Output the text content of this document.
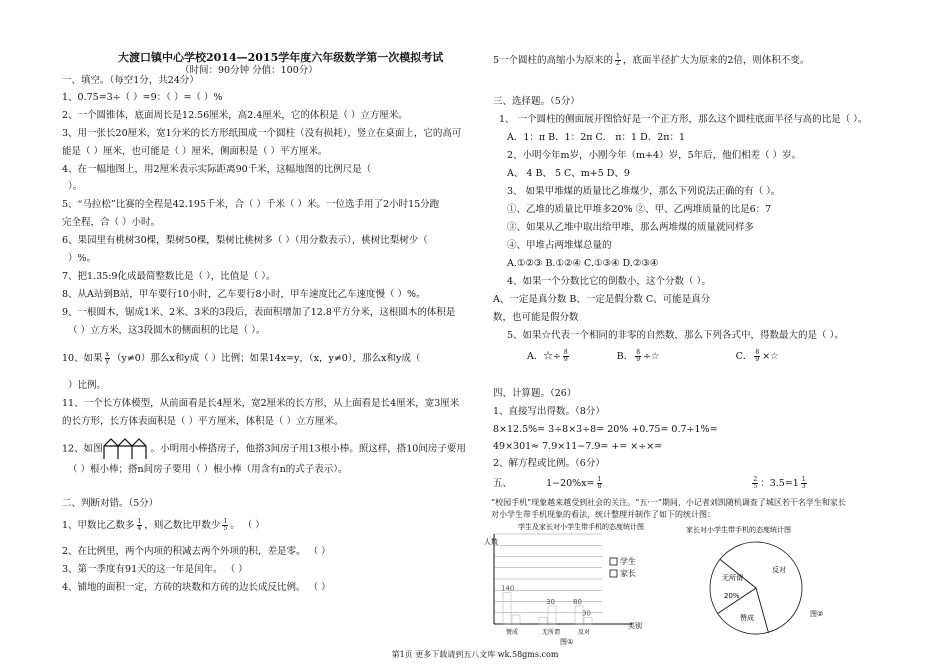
大渡口镇中心学校2014—2015学年度六年级数学第一次模拟考试
（时间：90分钟 分值：100分）
一、填空。（每空1分，共24分）
1、0.75=3÷（ ）=9：（ ）=（ ）%
2、一个圆锥体，底面周长是12.56厘米，高2.4厘米，它的体积是（ ）立方厘米。
3、用一张长20厘米，宽1分米的长方形纸围成一个圆柱（没有损耗），竖立在桌面上，它的高可
能是（ ）厘米，也可能是（ ）厘米，侧面积是（ ）平方厘米。
4、在一幅地图上，用2厘米表示实际距离90千米，这幅地图的比例尺是（
）。
5、“马拉松”比赛的全程是42.195千米，合（ ）千米（ ）米。一位选手用了2小时15分跑
完全程，合（ ）小时。
6、果园里有桃树30棵，梨树50棵，梨树比桃树多（ ）（用分数表示），桃树比梨树少（
）%。
7、把1.35:9化成最简整数比是（ ），比值是（ ）。
8、从A站到B站，甲车要行10小时，乙车要行8小时，甲车速度比乙车速度慢（ ）%。
9、一根圆木，锯成1米、2米、3米的3段后，表面积增加了12.8平方分米，这根圆木的体积是
（ ）立方米，这3段圆木的侧面积的比是（ ）。
10、如果 $\frac{x}{y} (y\ne 0)$那么x和y成（ ）比例；如果14x=y，（x，y≠0），那么x和y成（
）比例。
11、一个长方体模型，从前面看是长4厘米，宽2厘米的长方形，从上面看是长4厘米，宽3厘米
的长方形，长方体表面积是（ ）平方厘米，体积是（ ）立方厘米。
12、如图	。小明用小棒搭房子，他搭3间房子用13根小棒。照这样，搭10间房子要用
（ ）根小棒；搭n间房子要用（ ）根小棒（用含有n的式子表示）。
二、判断对错。（5分）
1、甲数比乙数多 $\frac{1}{4}$ ，则乙数比甲数少 $\frac{1}{5}$ 。 （ ）
2、在比例里，两个内项的积减去两个外项的积，差是零。 （ ）
3、第一季度有91天的这一年是闰年。 （ ）
4、铺地的面积一定，方砖的块数和方砖的边长成反比例。 （ ）
5一个圆柱的高缩小为原来的 $\frac{1}{2}$ ，底面半径扩大为原来的2倍，则体积不变。
三、选择题。（5分）
1、 一个圆柱的侧面展开图恰好是一个正方形，那么这个圆柱底面半径与高的比是（ ）。
A．1：π B．1：2π C． π：1 D．2π：1
2、小明今年m岁，小刚今年（m+4）岁，5年后，他们相差（ ）岁。
A、 4 B、 5 C、m+5 D、9
3、 如果甲堆煤的质量比乙堆煤少，那么下列说法正确的有（ ）。
①、乙堆的质量比甲堆多20% ②、甲、乙两堆质量的比是6：7
③、如果从乙堆中取出给甲堆，那么两堆煤的质量就同样多
④、甲堆占两堆煤总量的
A.①②③ B.①②④ C.①③④ D.②③④
4、如果一个分数比它的倒数小，这个分数（ ）。
A、一定是真分数 B、一定是假分数 C、可能是真分
数，也可能是假分数
5、如果☆代表一个相同的非零的自然数，那么下列各式中，得数最大的是（ ）。
A．☆÷ $\frac{8}{9}$	B． $\frac{8}{9}$ ÷☆	C． $\frac{8}{9}$ ×☆
四、计算题。（26）
1、直接写出得数。（8分）
8×12.5%= 3÷8×3÷8= 20% +0.75= 0.7÷1%=
49×301≈ 7.9×11−7.9= += ×÷×=
2、解方程或比例。（6分）
五、	$1-20\%x= \frac{1}{8}$
	$\frac{2}{5}$ ：$3.5=1 \frac{1}{3}$
“校园手机”现象越来越受到社会的关注。“五·一”期间，小记者刘凯随机调查了城区若干名学生和家长
对小学生带手机现象的看法，统计整理并制作了如下的统计图：
学生及家长对小学生带手机的态度统计图
人数
类别
图①
140
30	80
30
赞成	无所谓	反对
学生
家长
家长对小学生带手机的态度统计图
反对
无所谓
20%
赞成	图②
第1页 更多下载请到五八文库 wk.58gms.com
